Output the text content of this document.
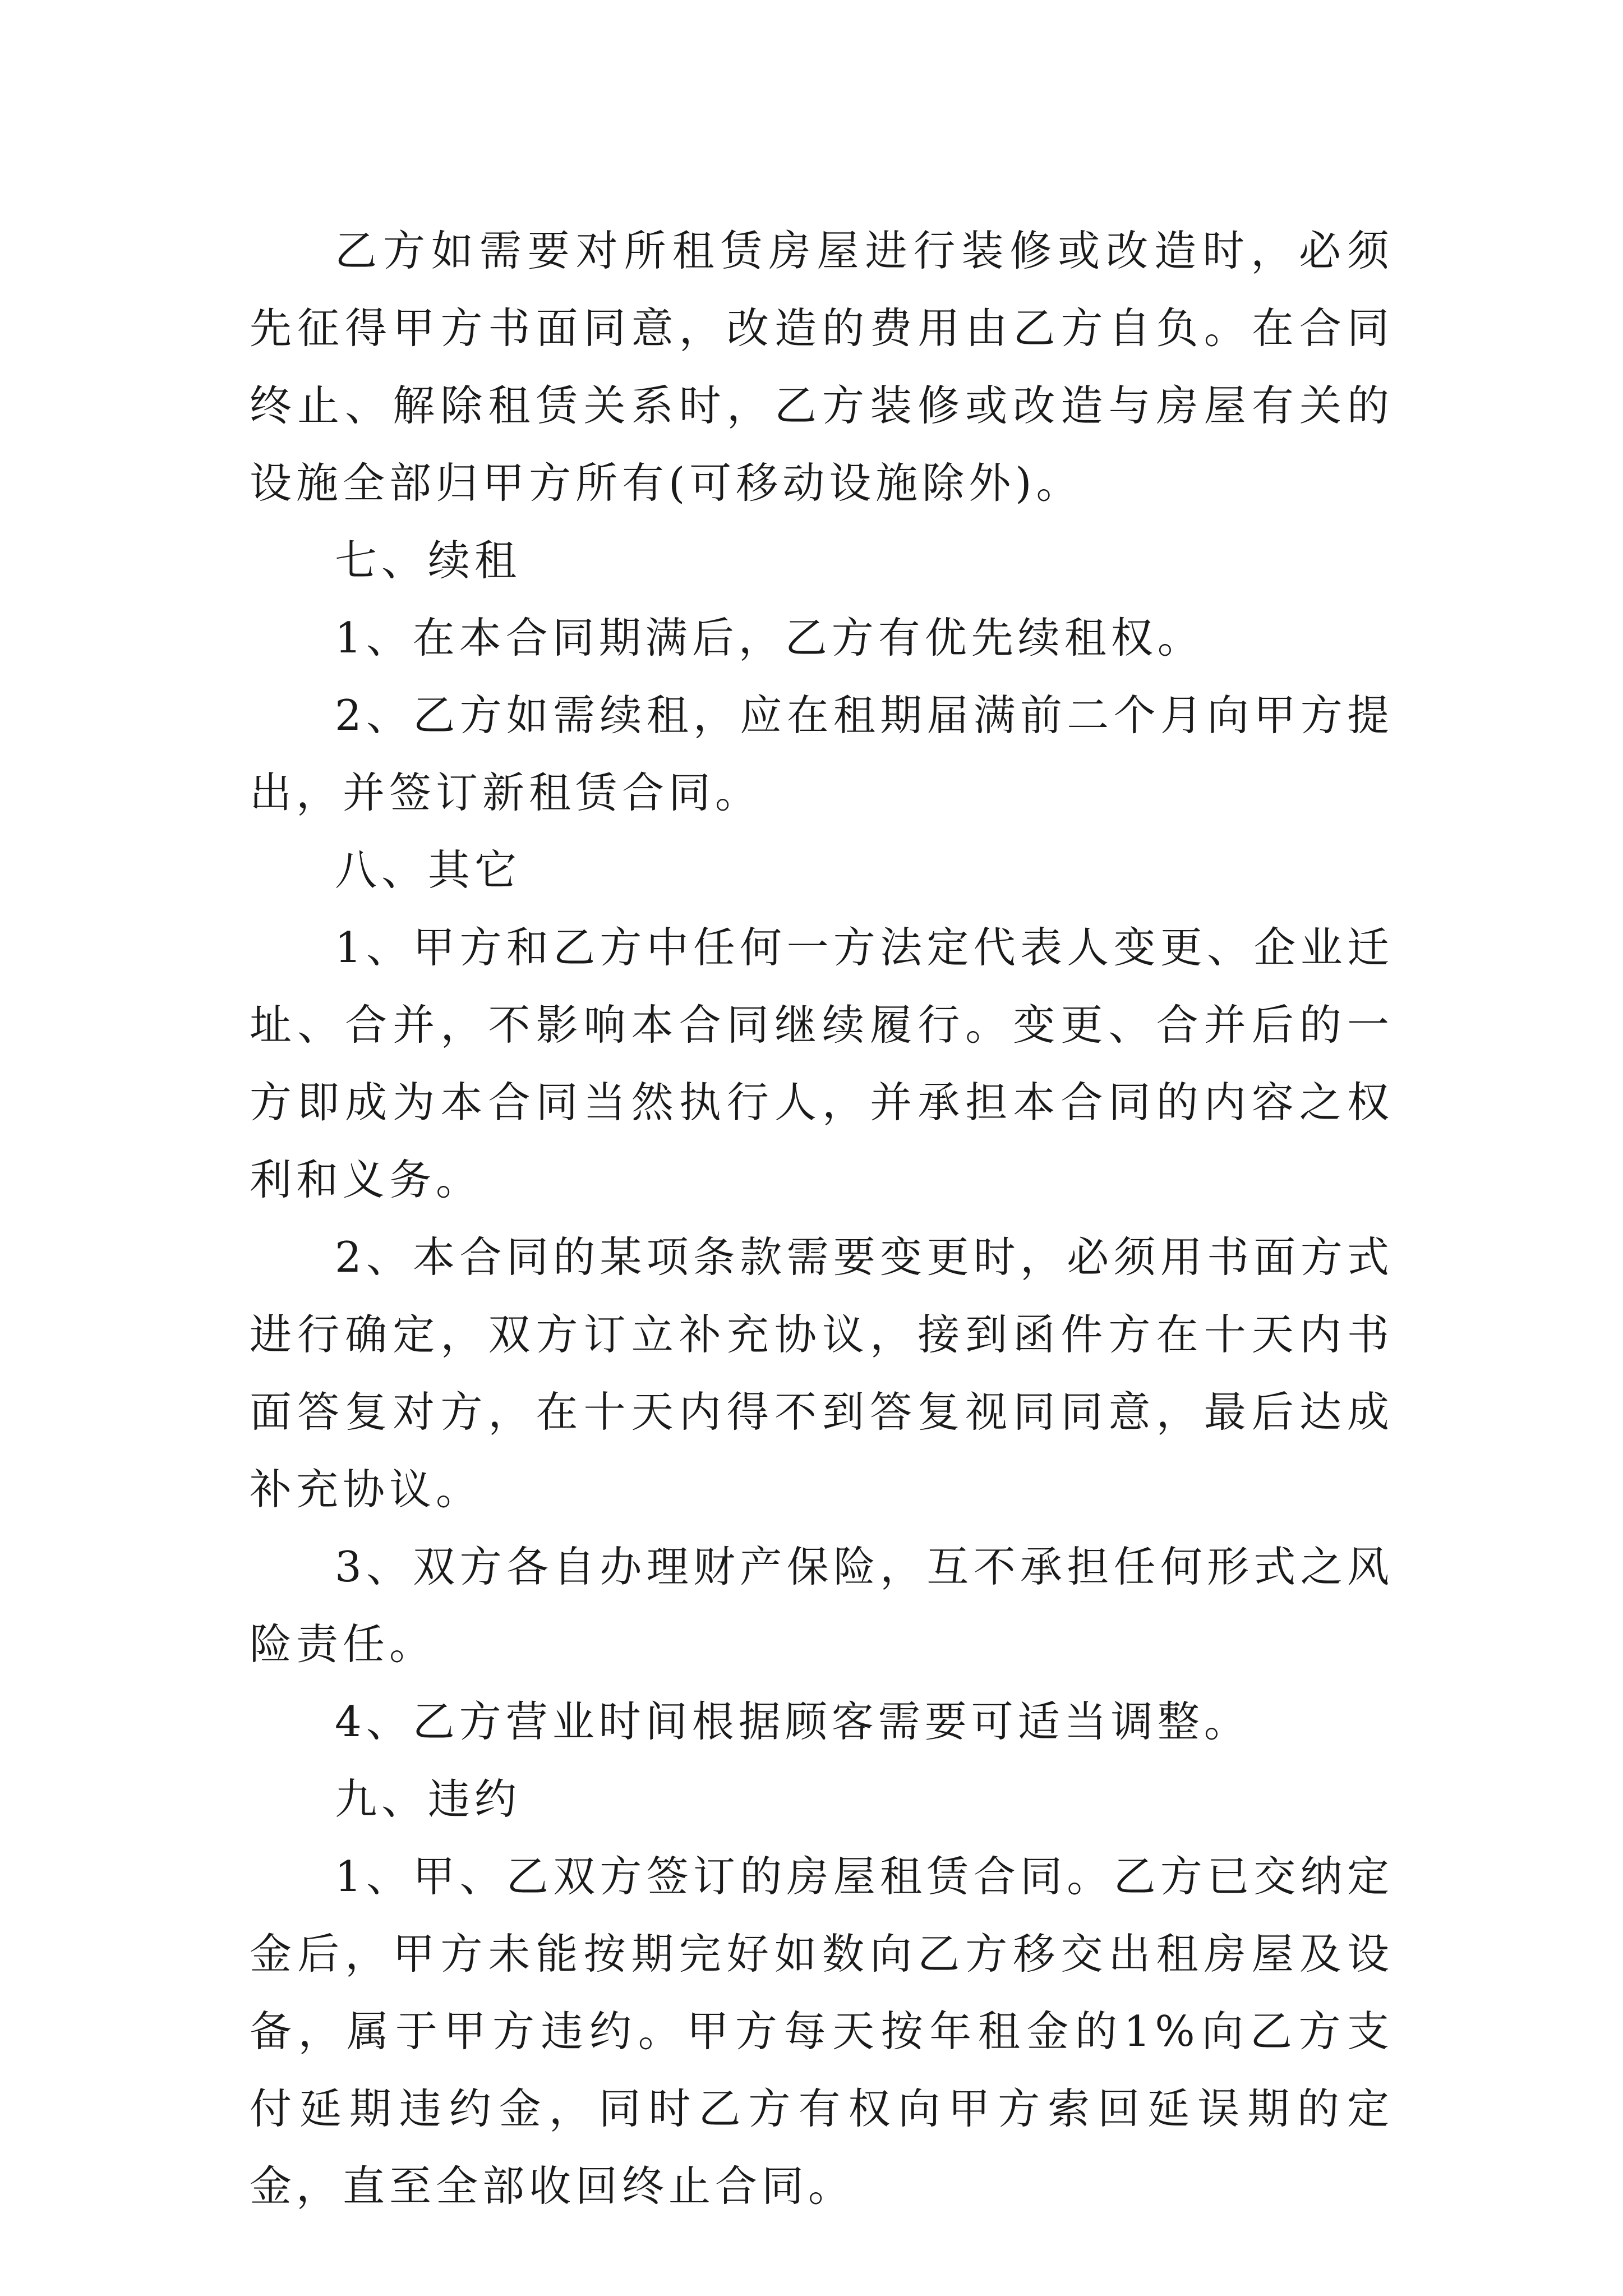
乙方如需要对所租赁房屋进行装修或改造时，必须先征得甲方书面同意，改造的费用由乙方自负。在合同终止、解除租赁关系时，乙方装修或改造与房屋有关的设施全部归甲方所有(可移动设施除外)。

七、续租

1、在本合同期满后，乙方有优先续租权。

2、乙方如需续租，应在租期届满前二个月向甲方提出，并签订新租赁合同。

八、其它

1、甲方和乙方中任何一方法定代表人变更、企业迁址、合并，不影响本合同继续履行。变更、合并后的一方即成为本合同当然执行人，并承担本合同的内容之权利和义务。

2、本合同的某项条款需要变更时，必须用书面方式进行确定，双方订立补充协议，接到函件方在十天内书面答复对方，在十天内得不到答复视同同意，最后达成补充协议。

3、双方各自办理财产保险，互不承担任何形式之风险责任。

4、乙方营业时间根据顾客需要可适当调整。

九、违约

1、甲、乙双方签订的房屋租赁合同。乙方已交纳定金后，甲方未能按期完好如数向乙方移交出租房屋及设备，属于甲方违约。甲方每天按年租金的1%向乙方支付延期违约金，同时乙方有权向甲方索回延误期的定金，直至全部收回终止合同。
